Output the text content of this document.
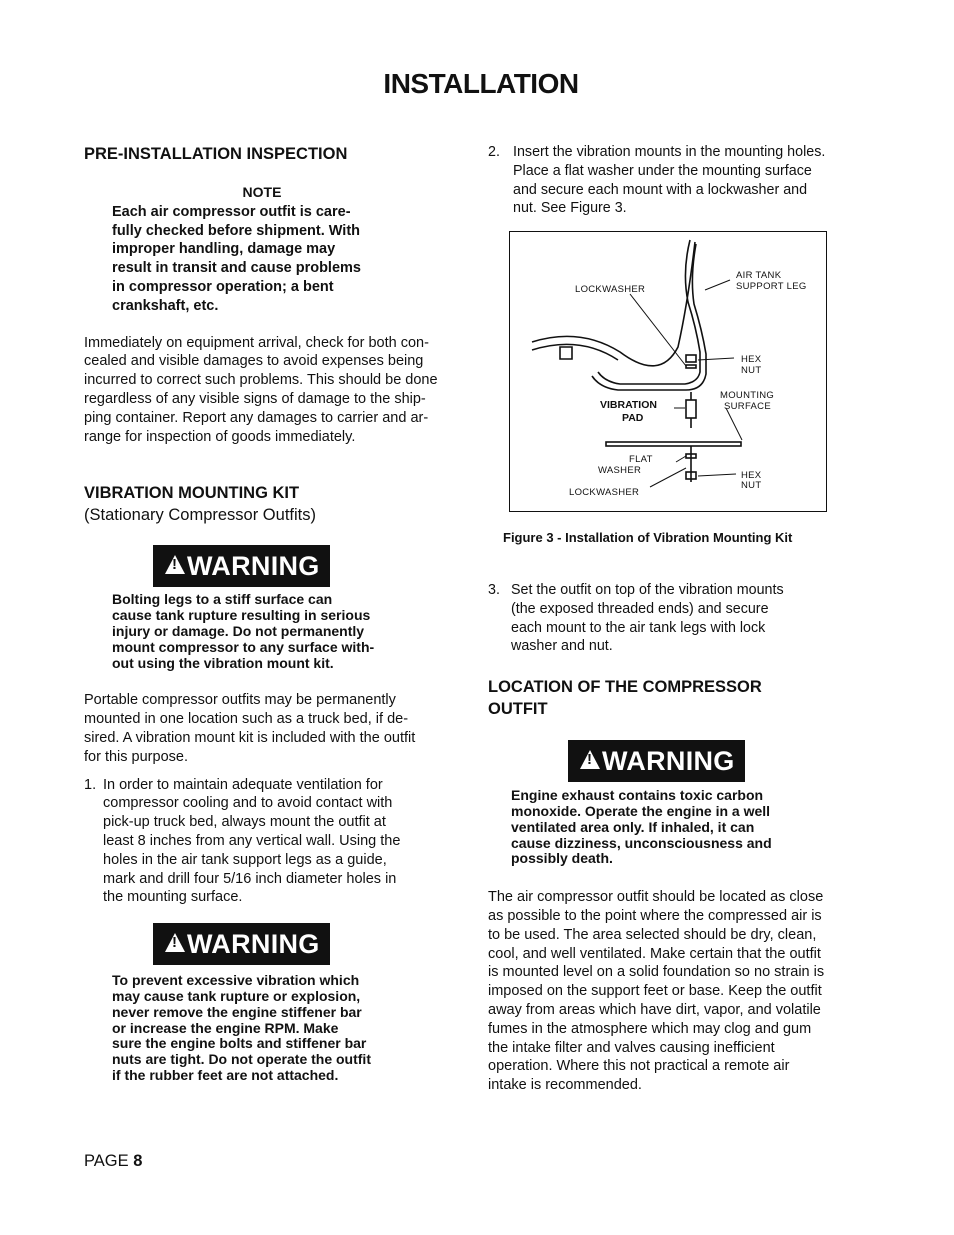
INSTALLATION
PRE-INSTALLATION INSPECTION
NOTE
Each air compressor outfit is care-
fully checked before shipment. With
improper handling, damage may
result in transit and cause problems
in compressor operation; a bent
crankshaft, etc.
Immediately on equipment arrival, check for both con-
cealed and visible damages to avoid expenses being
incurred to correct such problems. This should be done
regardless of any visible signs of damage to the ship-
ping container. Report any damages to carrier and ar-
range for inspection of goods immediately.
VIBRATION MOUNTING KIT
(Stationary Compressor Outfits)
!WARNING
Bolting legs to a stiff surface can
cause tank rupture resulting in serious
injury or damage. Do not permanently
mount compressor to any surface with-
out using the vibration mount kit.
Portable compressor outfits may be permanently
mounted in one location such as a truck bed, if de-
sired. A vibration mount kit is included with the outfit
for this purpose.
1. In order to maintain adequate ventilation for
compressor cooling and to avoid contact with
pick-up truck bed, always mount the outfit at
least 8 inches from any vertical wall. Using the
holes in the air tank support legs as a guide,
mark and drill four 5/16 inch diameter holes in
the mounting surface.
!WARNING
To prevent excessive vibration which
may cause tank rupture or explosion,
never remove the engine stiffener bar
or increase the engine RPM. Make
sure the engine bolts and stiffener bar
nuts are tight. Do not operate the outfit
if the rubber feet are not attached.
2. Insert the vibration mounts in the mounting holes.
Place a flat washer under the mounting surface
and secure each mount with a lockwasher and
nut. See Figure 3.
LOCKWASHER
AIR TANK
SUPPORT LEG
HEX
NUT
MOUNTING
SURFACE
FLAT
WASHER	HEX
NUT
LOCKWASHER
VIBRATION
PAD
Figure 3 - Installation of Vibration Mounting Kit
3. Set the outfit on top of the vibration mounts
(the exposed threaded ends) and secure
each mount to the air tank legs with lock
washer and nut.
LOCATION OF THE COMPRESSOR
OUTFIT
!WARNING
Engine exhaust contains toxic carbon
monoxide. Operate the engine in a well
ventilated area only. If inhaled, it can
cause dizziness, unconsciousness and
possibly death.
The air compressor outfit should be located as close
as possible to the point where the compressed air is
to be used. The area selected should be dry, clean,
cool, and well ventilated. Make certain that the outfit
is mounted level on a solid foundation so no strain is
imposed on the support feet or base. Keep the outfit
away from areas which have dirt, vapor, and volatile
fumes in the atmosphere which may clog and gum
the intake filter and valves causing inefficient
operation. Where this not practical a remote air
intake is recommended.
PAGE 8
